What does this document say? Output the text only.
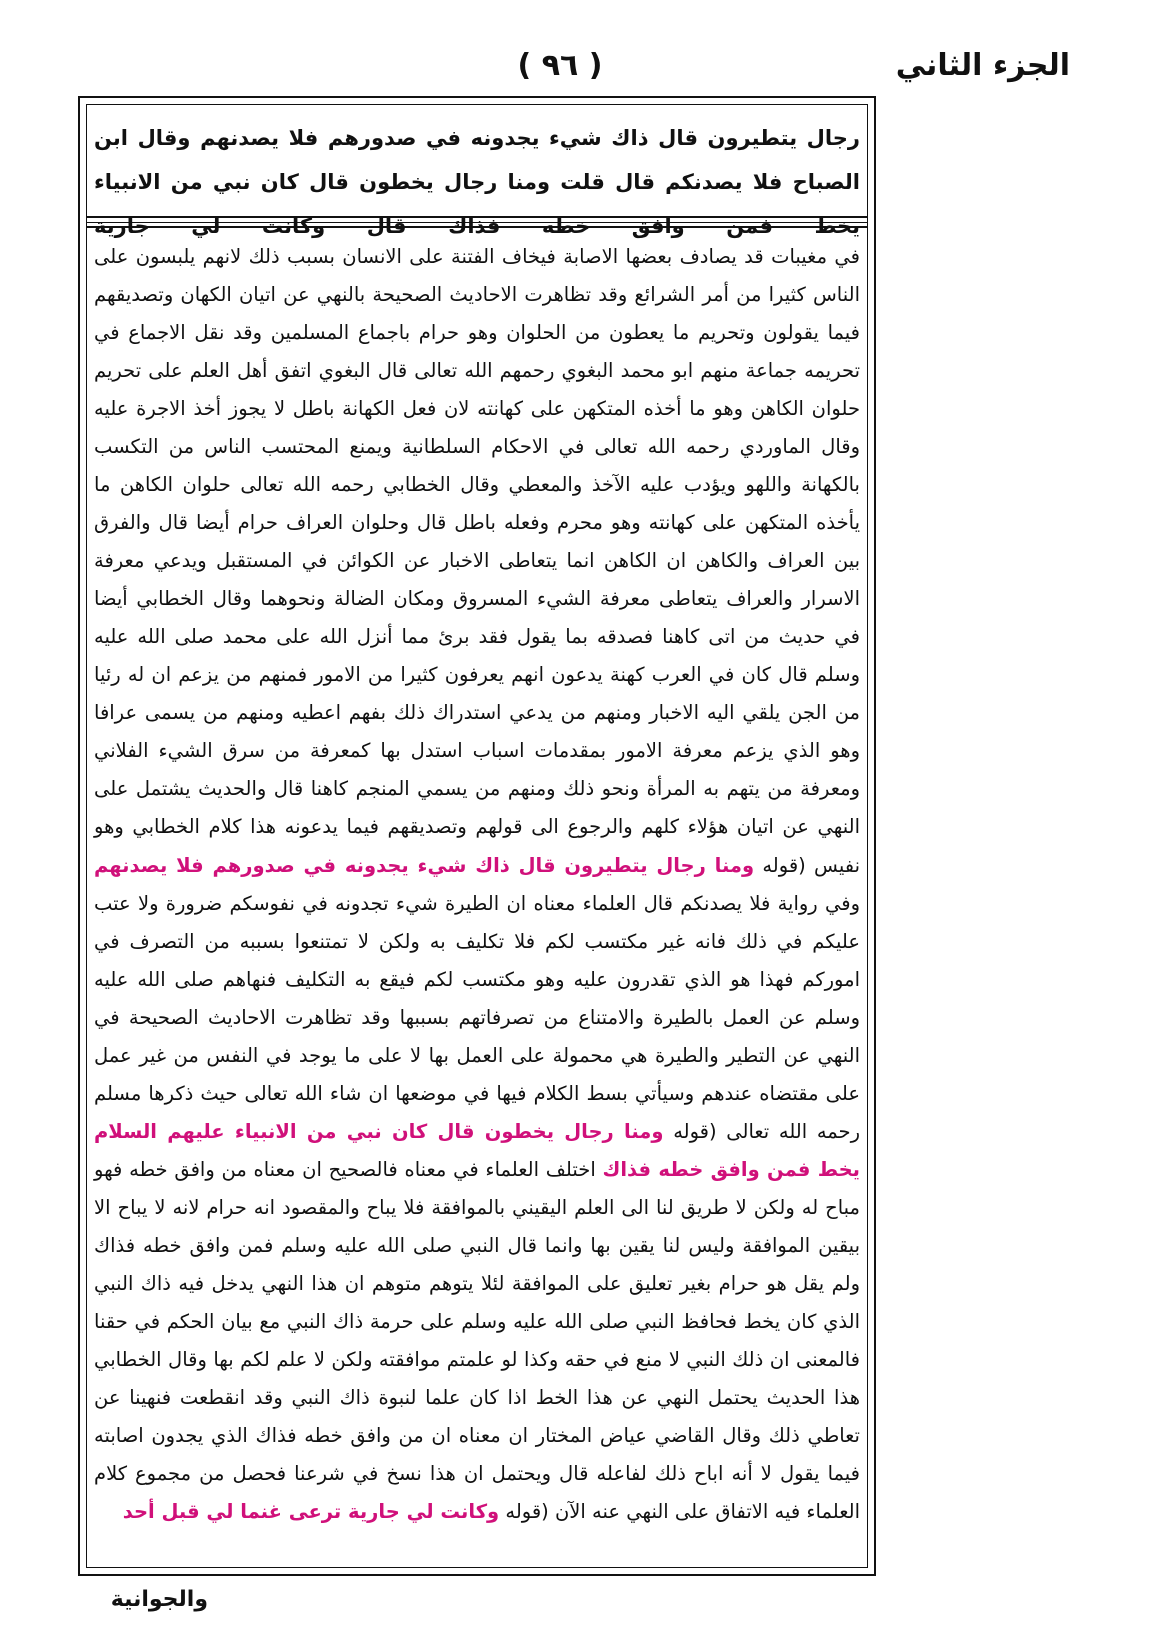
الجزء الثاني
( ٩٦ )
رجال يتطيرون قال ذاك شيء يجدونه في صدورهم فلا يصدنهم وقال ابن الصباح فلا يصدنكم قال قلت ومنا رجال يخطون قال كان نبي من الانبياء يخط فمن وافق خطه فذاك قال وكانت لي جارية

في مغيبات قد يصادف بعضها الاصابة فيخاف الفتنة على الانسان بسبب ذلك لانهم يلبسون على الناس كثيرا من أمر الشرائع وقد تظاهرت الاحاديث الصحيحة بالنهي عن اتيان الكهان وتصديقهم فيما يقولون وتحريم ما يعطون من الحلوان وهو حرام باجماع المسلمين وقد نقل الاجماع في تحريمه جماعة منهم ابو محمد البغوي رحمهم الله تعالى قال البغوي اتفق أهل العلم على تحريم حلوان الكاهن وهو ما أخذه المتكهن على كهانته لان فعل الكهانة باطل لا يجوز أخذ الاجرة عليه وقال الماوردي رحمه الله تعالى في الاحكام السلطانية ويمنع المحتسب الناس من التكسب بالكهانة واللهو ويؤدب عليه الآخذ والمعطي وقال الخطابي رحمه الله تعالى حلوان الكاهن ما يأخذه المتكهن على كهانته وهو محرم وفعله باطل قال وحلوان العراف حرام أيضا قال والفرق بين العراف والكاهن ان الكاهن انما يتعاطى الاخبار عن الكوائن في المستقبل ويدعي معرفة الاسرار والعراف يتعاطى معرفة الشيء المسروق ومكان الضالة ونحوهما وقال الخطابي أيضا في حديث من اتى كاهنا فصدقه بما يقول فقد برئ مما أنزل الله على محمد صلى الله عليه وسلم قال كان في العرب كهنة يدعون انهم يعرفون كثيرا من الامور فمنهم من يزعم ان له رئيا من الجن يلقي اليه الاخبار ومنهم من يدعي استدراك ذلك بفهم اعطيه ومنهم من يسمى عرافا وهو الذي يزعم معرفة الامور بمقدمات اسباب استدل بها كمعرفة من سرق الشيء الفلاني ومعرفة من يتهم به المرأة ونحو ذلك ومنهم من يسمي المنجم كاهنا قال والحديث يشتمل على النهي عن اتيان هؤلاء كلهم والرجوع الى قولهم وتصديقهم فيما يدعونه هذا كلام الخطابي وهو نفيس (قوله ومنا رجال يتطيرون قال ذاك شيء يجدونه في صدورهم فلا يصدنهم وفي رواية فلا يصدنكم قال العلماء معناه ان الطيرة شيء تجدونه في نفوسكم ضرورة ولا عتب عليكم في ذلك فانه غير مكتسب لكم فلا تكليف به ولكن لا تمتنعوا بسببه من التصرف في اموركم فهذا هو الذي تقدرون عليه وهو مكتسب لكم فيقع به التكليف فنهاهم صلى الله عليه وسلم عن العمل بالطيرة والامتناع من تصرفاتهم بسببها وقد تظاهرت الاحاديث الصحيحة في النهي عن التطير والطيرة هي محمولة على العمل بها لا على ما يوجد في النفس من غير عمل على مقتضاه عندهم وسيأتي بسط الكلام فيها في موضعها ان شاء الله تعالى حيث ذكرها مسلم رحمه الله تعالى (قوله ومنا رجال يخطون قال كان نبي من الانبياء عليهم السلام يخط فمن وافق خطه فذاك اختلف العلماء في معناه فالصحيح ان معناه من وافق خطه فهو مباح له ولكن لا طريق لنا الى العلم اليقيني بالموافقة فلا يباح والمقصود انه حرام لانه لا يباح الا بيقين الموافقة وليس لنا يقين بها وانما قال النبي صلى الله عليه وسلم فمن وافق خطه فذاك ولم يقل هو حرام بغير تعليق على الموافقة لئلا يتوهم متوهم ان هذا النهي يدخل فيه ذاك النبي الذي كان يخط فحافظ النبي صلى الله عليه وسلم على حرمة ذاك النبي مع بيان الحكم في حقنا فالمعنى ان ذلك النبي لا منع في حقه وكذا لو علمتم موافقته ولكن لا علم لكم بها وقال الخطابي هذا الحديث يحتمل النهي عن هذا الخط اذا كان علما لنبوة ذاك النبي وقد انقطعت فنهينا عن تعاطي ذلك وقال القاضي عياض المختار ان معناه ان من وافق خطه فذاك الذي يجدون اصابته فيما يقول لا أنه اباح ذلك لفاعله قال ويحتمل ان هذا نسخ في شرعنا فحصل من مجموع كلام العلماء فيه الاتفاق على النهي عنه الآن (قوله وكانت لي جارية ترعى غنما لي قبل أحد

والجوانية
